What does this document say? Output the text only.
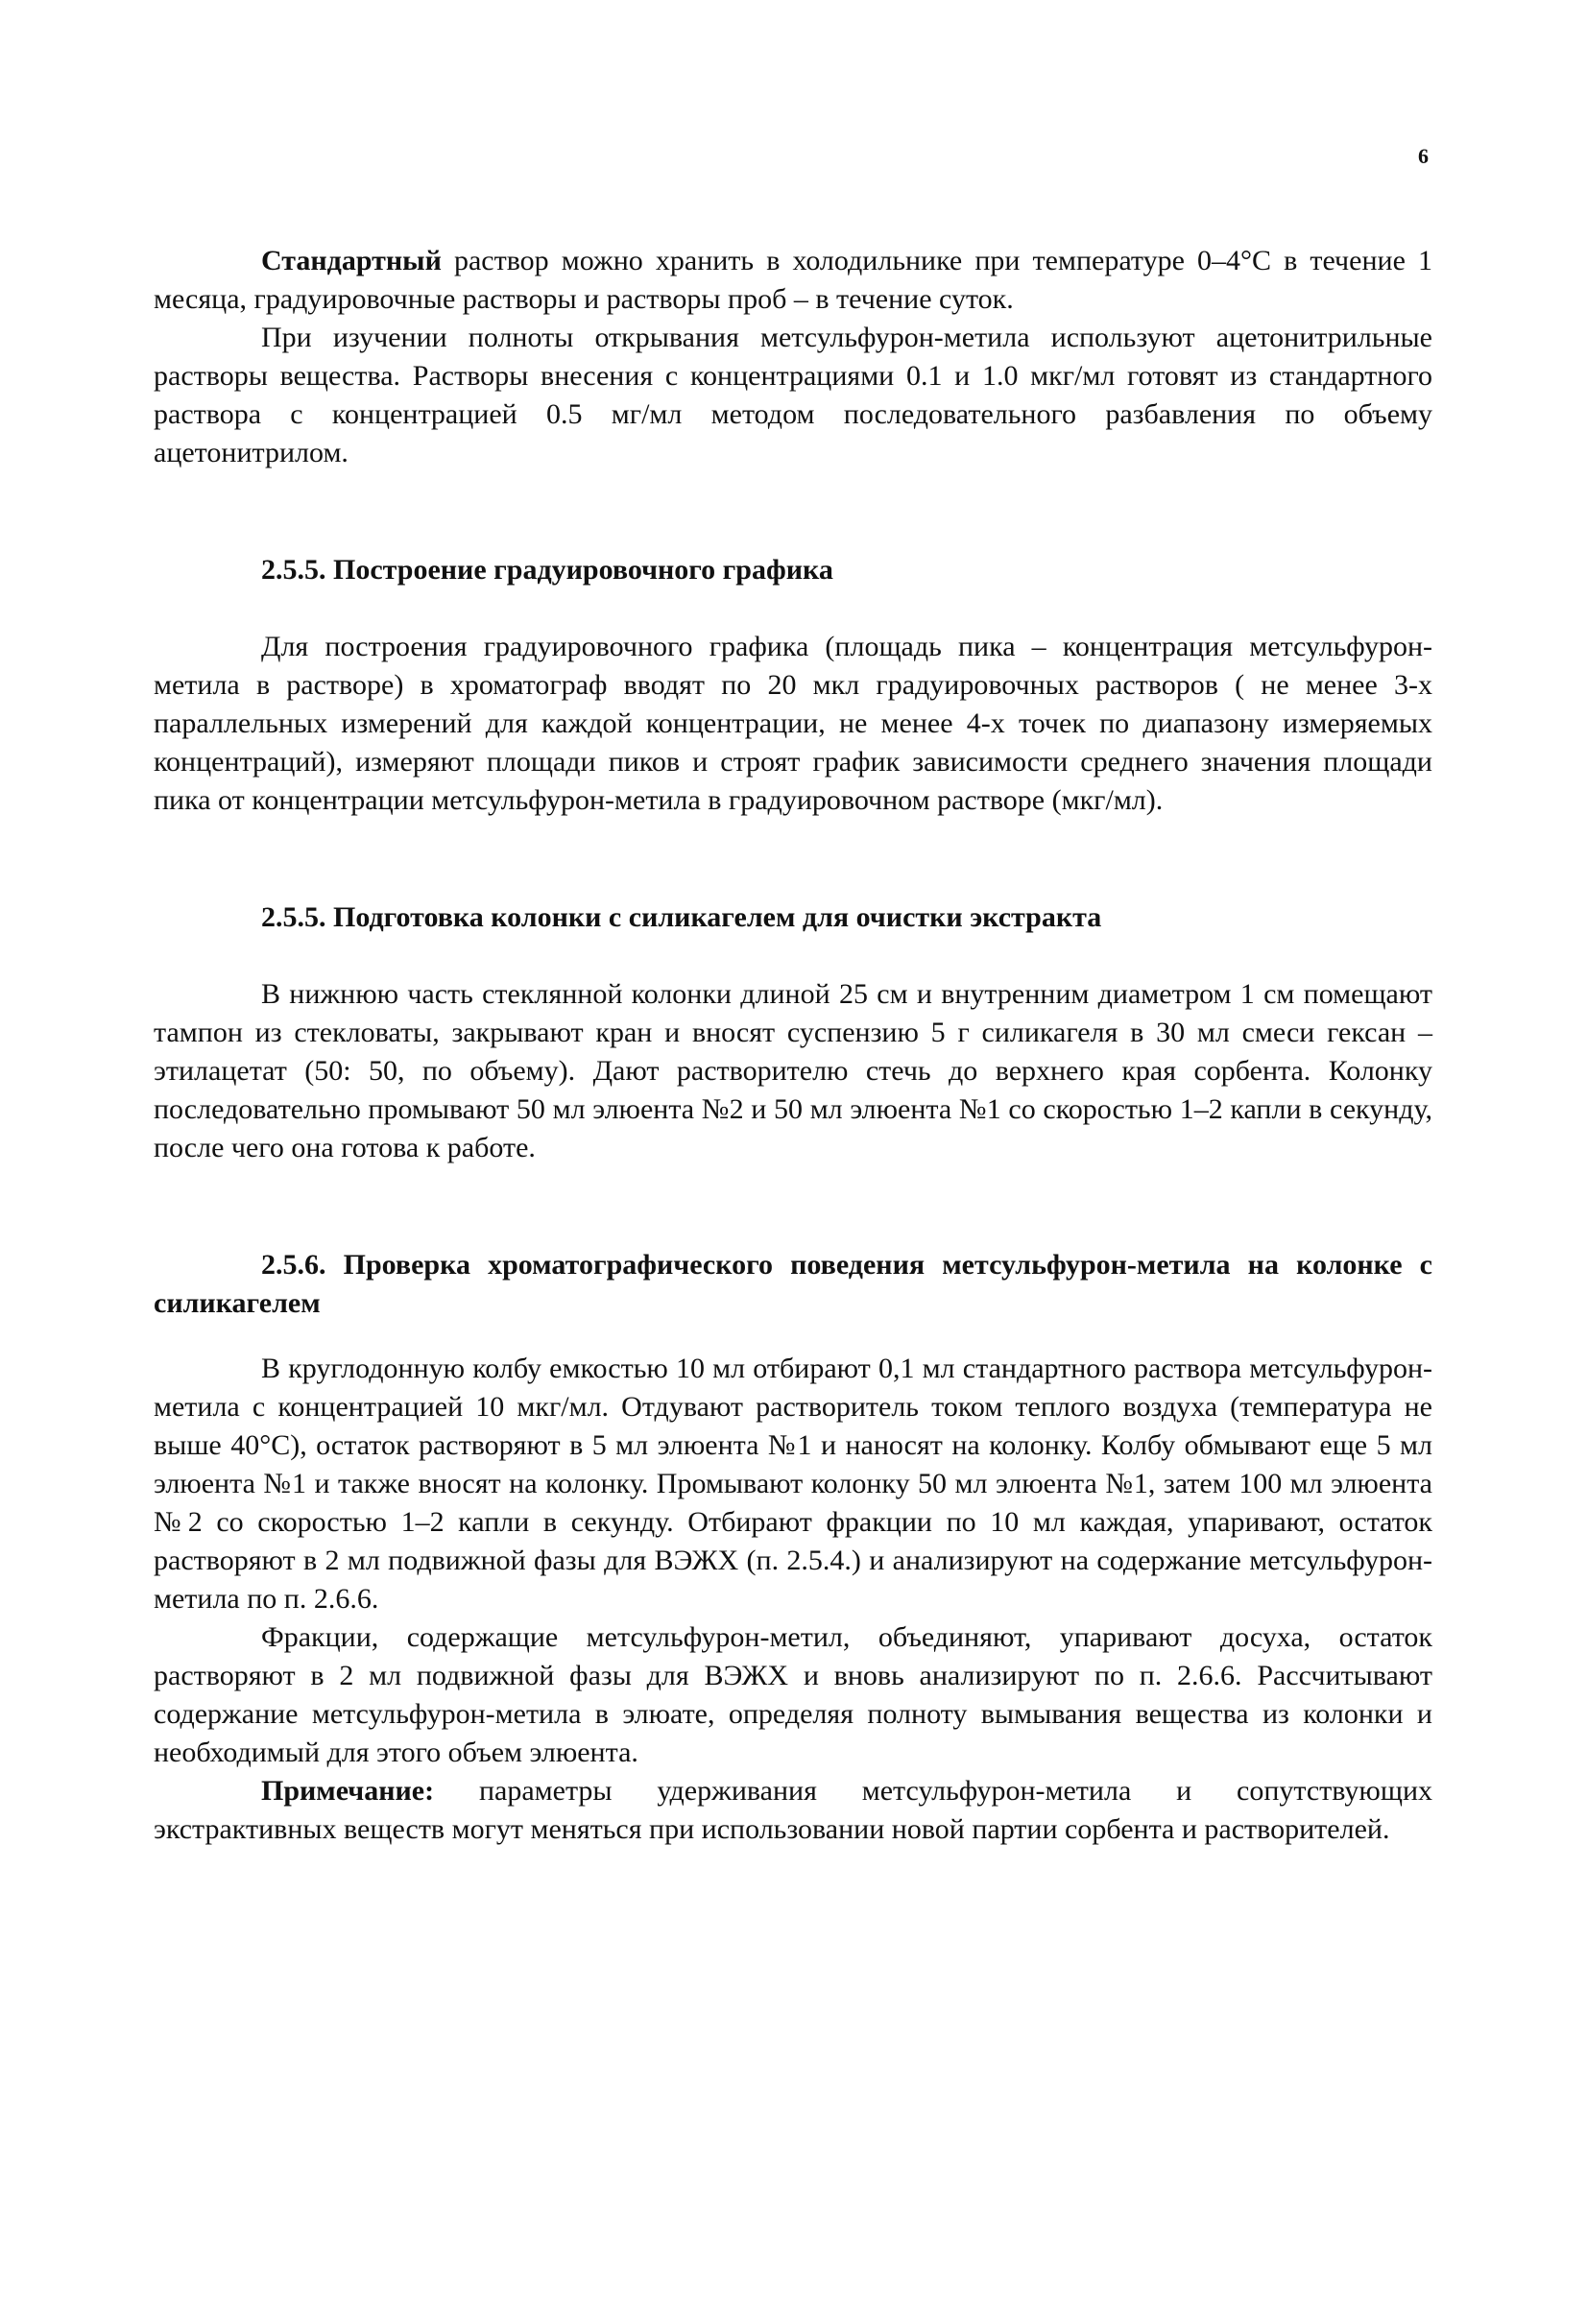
6

Стандартный раствор можно хранить в холодильнике при температуре 0–4°С в течение 1 месяца, градуировочные растворы и растворы проб – в течение суток.

При изучении полноты открывания метсульфурон-метила используют ацетонитрильные растворы вещества. Растворы внесения с концентрациями 0.1 и 1.0 мкг/мл готовят из стандартного раствора с концентрацией 0.5 мг/мл методом последовательного разбавления по объему ацетонитрилом.

2.5.5. Построение градуировочного графика

Для построения градуировочного графика (площадь пика – концентрация метсульфурон-метила в растворе) в хроматограф вводят по 20 мкл градуировочных растворов ( не менее 3-х параллельных измерений для каждой концентрации, не менее 4-х точек по диапазону измеряемых концентраций), измеряют площади пиков и строят график зависимости среднего значения площади пика от концентрации метсульфурон-метила в градуировочном растворе (мкг/мл).

2.5.5. Подготовка колонки с силикагелем для очистки экстракта

В нижнюю часть стеклянной колонки длиной 25 см и внутренним диаметром 1 см помещают тампон из стекловаты, закрывают кран и вносят суспензию 5 г силикагеля в 30 мл смеси гексан – этилацетат (50: 50, по объему). Дают растворителю стечь до верхнего края сорбента. Колонку последовательно промывают 50 мл элюента №2 и 50 мл элюента №1 со скоростью 1–2 капли в секунду, после чего она готова к работе.

2.5.6. Проверка хроматографического поведения метсульфурон-метила на колонке с силикагелем

В круглодонную колбу емкостью 10 мл отбирают 0,1 мл стандартного раствора метсульфурон-метила с концентрацией 10 мкг/мл. Отдувают растворитель током теплого воздуха (температура не выше 40°С), остаток растворяют в 5 мл элюента №1 и наносят на колонку. Колбу обмывают еще 5 мл элюента №1 и также вносят на колонку. Промывают колонку 50 мл элюента №1, затем 100 мл элюента №2 со скоростью 1–2 капли в секунду. Отбирают фракции по 10 мл каждая, упаривают, остаток растворяют в 2 мл подвижной фазы для ВЭЖХ (п. 2.5.4.) и анализируют на содержание метсульфурон-метила по п. 2.6.6.

Фракции, содержащие метсульфурон-метил, объединяют, упаривают досуха, остаток растворяют в 2 мл подвижной фазы для ВЭЖХ и вновь анализируют по п. 2.6.6. Рассчитывают содержание метсульфурон-метила в элюате, определяя полноту вымывания вещества из колонки и необходимый для этого объем элюента.

Примечание: параметры удерживания метсульфурон-метила и сопутствующих экстрактивных веществ могут меняться при использовании новой партии сорбента и растворителей.
